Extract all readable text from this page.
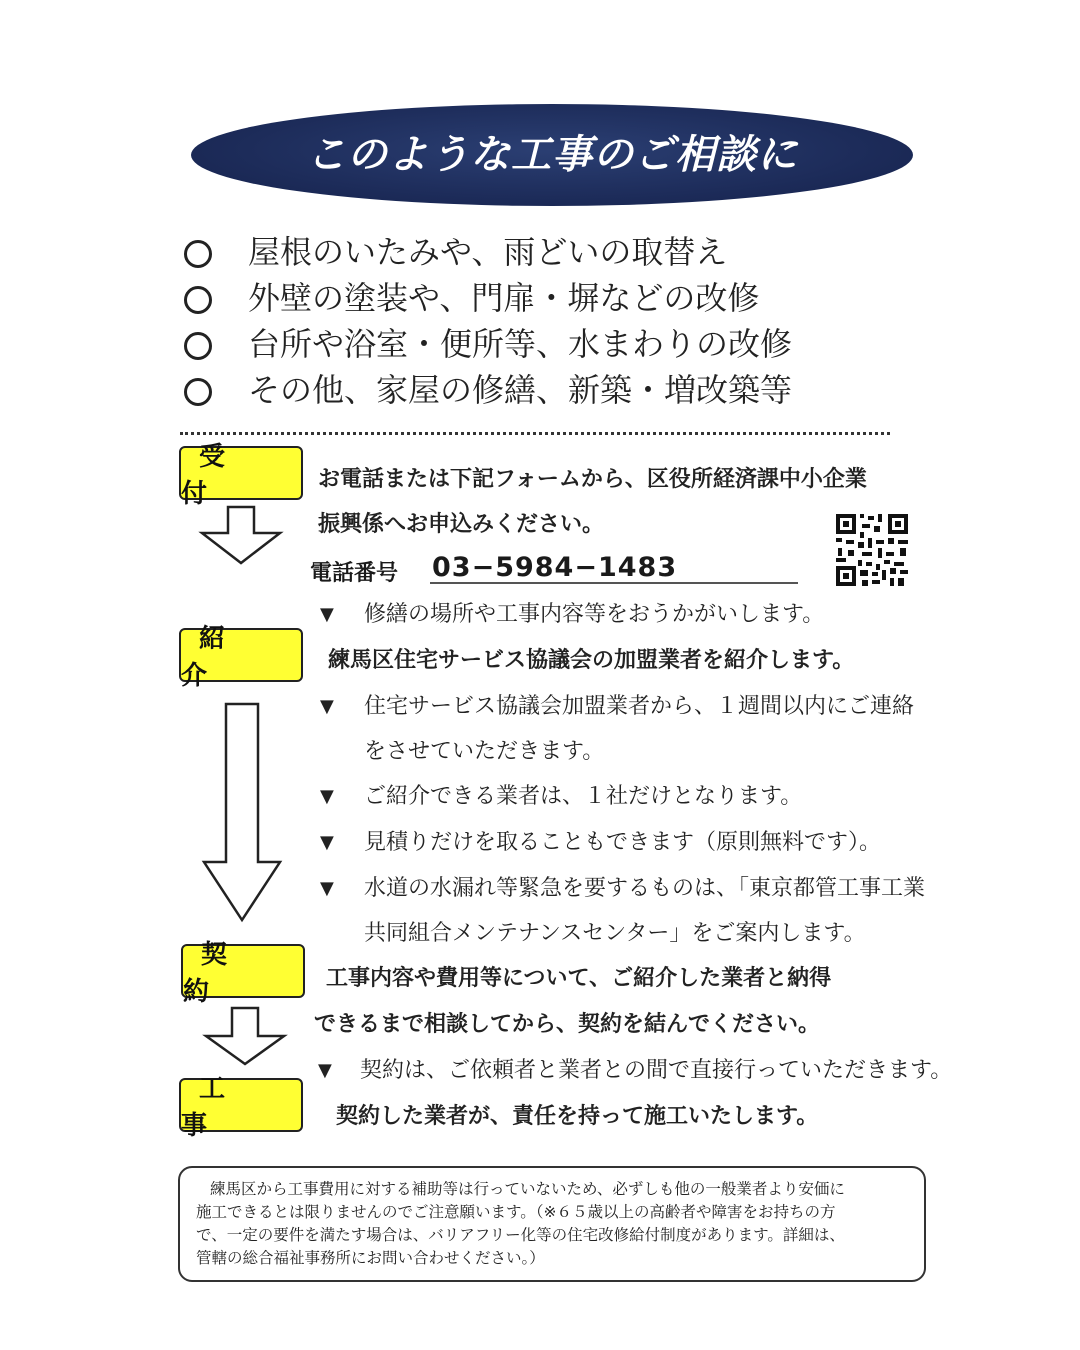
このような工事のご相談に
屋根のいたみや、雨どいの取替え
外壁の塗装や、門扉・塀などの改修
台所や浴室・便所等、水まわりの改修
その他、家屋の修繕、新築・増改築等
受 付	お電話または下記フォームから、区役所経済課中小企業
振興係へお申込みください。
電話番号 03−5984−1483
▼ 修繕の場所や工事内容等をおうかがいします。
紹 介
練馬区住宅サービス協議会の加盟業者を紹介します。
▼ 住宅サービス協議会加盟業者から、１週間以内にご連絡
をさせていただきます。
▼ ご紹介できる業者は、１社だけとなります。
▼ 見積りだけを取ることもできます（原則無料です）。
▼ 水道の水漏れ等緊急を要するものは、「東京都管工事工業
共同組合メンテナンスセンター」をご案内します。
契 約	工事内容や費用等について、ご紹介した業者と納得
できるまで相談してから、契約を結んでください。
▼ 契約は、ご依頼者と業者との間で直接行っていただきます。
工 事	契約した業者が、責任を持って施工いたします。
練馬区から工事費用に対する補助等は行っていないため、必ずしも他の一般業者より安価に
施工できるとは限りませんのでご注意願います。（※６５歳以上の高齢者や障害をお持ちの方
で、一定の要件を満たす場合は、バリアフリー化等の住宅改修給付制度があります。詳細は、
管轄の総合福祉事務所にお問い合わせください。）
